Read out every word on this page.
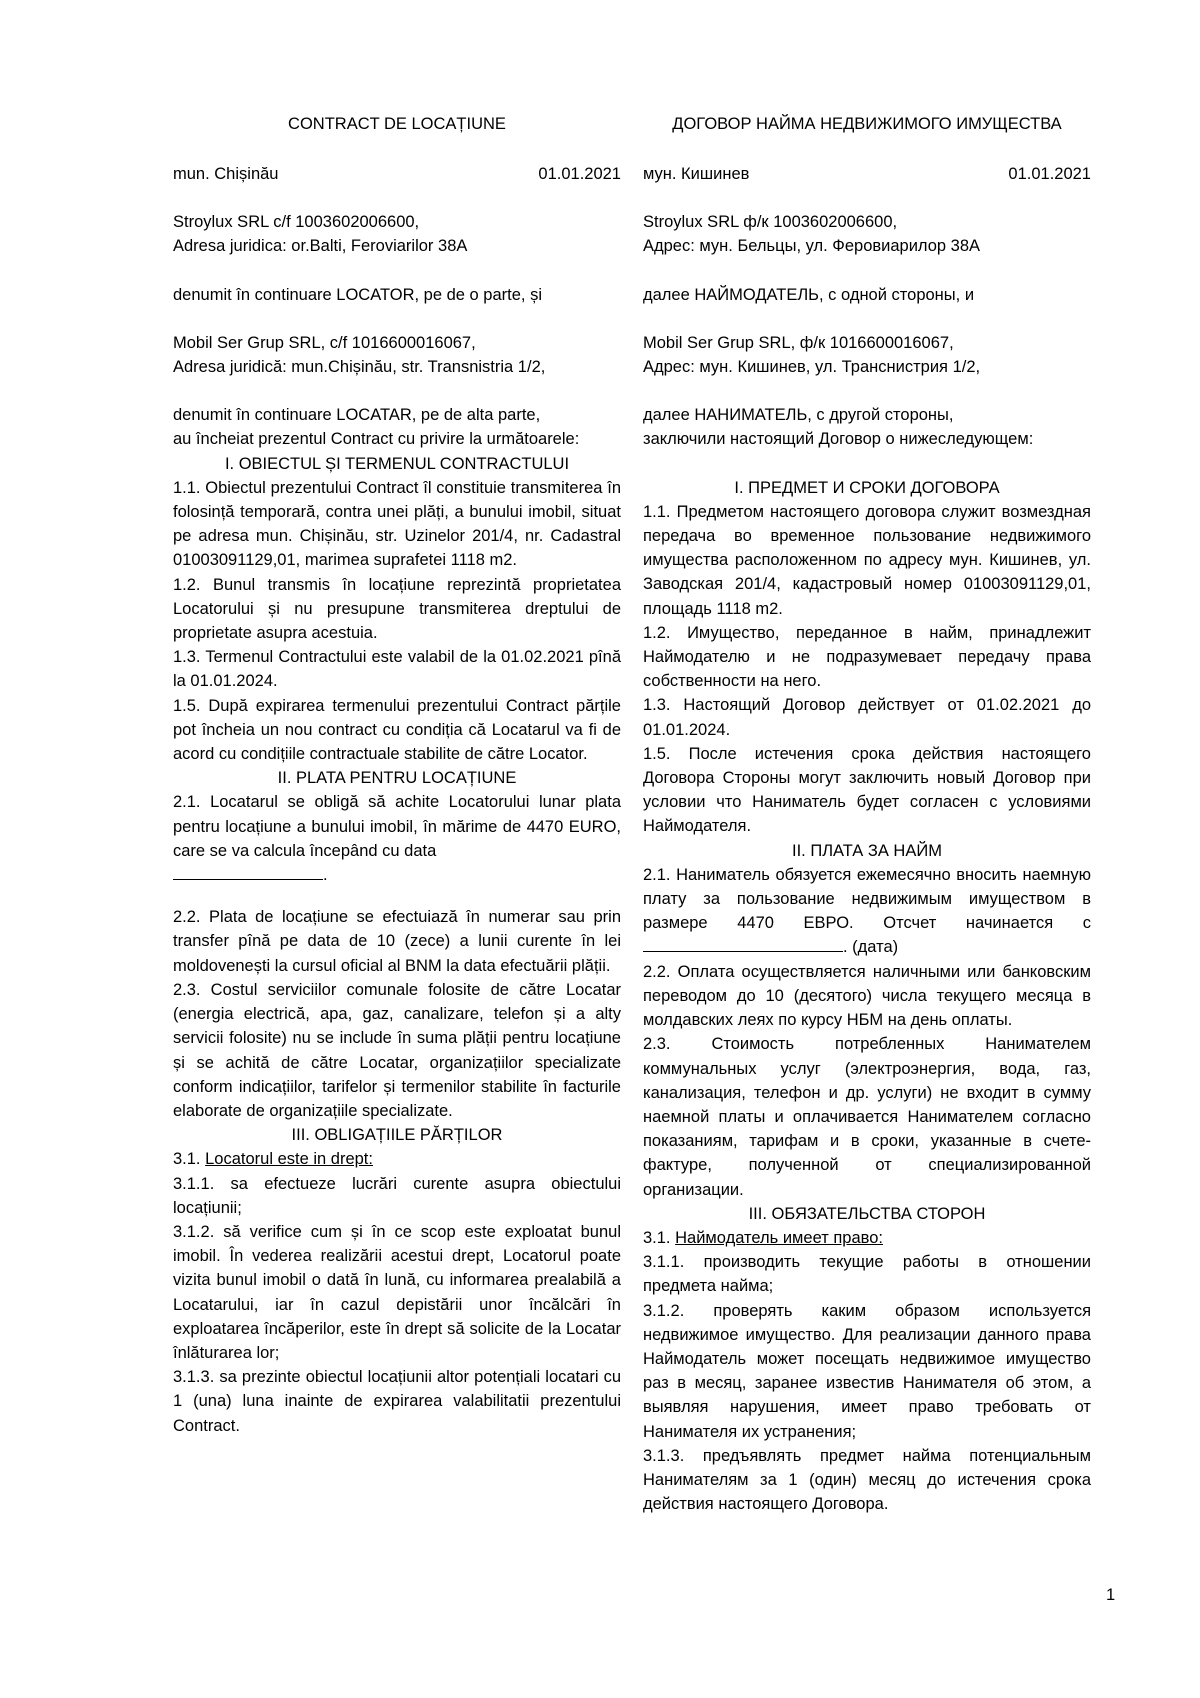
CONTRACT DE LOCAȚIUNE
mun. Chișinău	01.01.2021

Stroylux SRL c/f 1003602006600,

Adresa juridica: or.Balti, Feroviarilor 38A

denumit în continuare LOCATOR, pe de o parte, și

Mobil Ser Grup SRL, c/f 1016600016067,

Adresa juridică: mun.Chișinău, str. Transnistria 1/2,

denumit în continuare LOCATAR, pe de alta parte,

au încheiat prezentul Contract cu privire la următoarele:

I. OBIECTUL ȘI TERMENUL CONTRACTULUI

1.1. Obiectul prezentului Contract îl constituie transmiterea în folosință temporară, contra unei plăți, a bunului imobil, situat pe adresa mun. Chișinău, str. Uzinelor 201/4, nr. Cadastral 01003091129,01, marimea suprafetei 1118 m2.

1.2. Bunul transmis în locațiune reprezintă proprietatea Locatorului și nu presupune transmiterea dreptului de proprietate asupra acestuia.

1.3. Termenul Contractului este valabil de la 01.02.2021 pînă la 01.01.2024.

1.5. După expirarea termenului prezentului Contract părțile pot încheia un nou contract cu condiția că Locatarul va fi de acord cu condițiile contractuale stabilite de către Locator.

II. PLATA PENTRU LOCAȚIUNE

2.1. Locatarul se obligă să achite Locatorului lunar plata pentru locațiune a bunului imobil, în mărime de 4470 EURO, care se va calcula începând cu data
.

2.2. Plata de locațiune se efectuiază în numerar sau prin transfer pînă pe data de 10 (zece) a lunii curente în lei moldovenești la cursul oficial al BNM la data efectuării plății.

2.3. Costul serviciilor comunale folosite de către Locatar (energia electrică, apa, gaz, canalizare, telefon și a alty servicii folosite) nu se include în suma plății pentru locațiune și se achită de către Locatar, organizațiilor specializate conform indicațiilor, tarifelor și termenilor stabilite în facturile elaborate de organizațiile specializate.

III. OBLIGAȚIILE PĂRȚILOR

3.1. Locatorul este in drept:

3.1.1. sa efectueze lucrări curente asupra obiectului locațiunii;

3.1.2. să verifice cum și în ce scop este exploatat bunul imobil. În vederea realizării acestui drept, Locatorul poate vizita bunul imobil o dată în lună, cu informarea prealabilă a Locatarului, iar în cazul depistării unor încălcări în exploatarea încăperilor, este în drept să solicite de la Locatar înlăturarea lor;

3.1.3. sa prezinte obiectul locațiunii altor potențiali locatari cu 1 (una) luna inainte de expirarea valabilitatii prezentului Contract.

ДОГОВОР НАЙМА НЕДВИЖИМОГО ИМУЩЕСТВА
мун. Кишинев	01.01.2021

Stroylux SRL ф/к 1003602006600,

Адрес: мун. Бельцы, ул. Феровиарилор 38А

далее НАЙМОДАТЕЛЬ, с одной стороны, и

Mobil Ser Grup SRL, ф/к 1016600016067,

Адрес: мун. Кишинев, ул. Транснистрия 1/2,

далее НАНИМАТЕЛЬ, с другой стороны,

заключили настоящий Договор о нижеследующем:

I. ПРЕДМЕТ И СРОКИ ДОГОВОРА

1.1. Предметом настоящего договора служит возмездная передача во временное пользование недвижимого имущества расположенном по адресу мун. Кишинев, ул. Заводская 201/4, кадастровый номер 01003091129,01, площадь 1118 m2.

1.2. Имущество, переданное в найм, принадлежит Наймодателю и не подразумевает передачу права собственности на него.

1.3. Настоящий Договор действует от 01.02.2021 до 01.01.2024.

1.5. После истечения срока действия настоящего Договора Стороны могут заключить новый Договор при условии что Наниматель будет согласен с условиями Наймодателя.

II. ПЛАТА ЗА НАЙМ

2.1. Наниматель обязуется ежемесячно вносить наемную плату за пользование недвижимым имуществом в размере 4470 ЕВРО. Отсчет начинается с . (дата)

2.2. Оплата осуществляется наличными или банковским переводом до 10 (десятого) числа текущего месяца в молдавских леях по курсу НБМ на день оплаты.

2.3. Стоимость потребленных Нанимателем коммунальных услуг (электроэнергия, вода, газ, канализация, телефон и др. услуги) не входит в сумму наемной платы и оплачивается Нанимателем согласно показаниям, тарифам и в сроки, указанные в счете-фактуре, полученной от специализированной организации.

III. ОБЯЗАТЕЛЬСТВА СТОРОН

3.1. Наймодатель имеет право:

3.1.1. производить текущие работы в отношении предмета найма;

3.1.2. проверять каким образом используется недвижимое имущество. Для реализации данного права Наймодатель может посещать недвижимое имущество раз в месяц, заранее известив Нанимателя об этом, а выявляя нарушения, имеет право требовать от Нанимателя их устранения;

3.1.3. предъявлять предмет найма потенциальным Нанимателям за 1 (один) месяц до истечения срока действия настоящего Договора.

1
